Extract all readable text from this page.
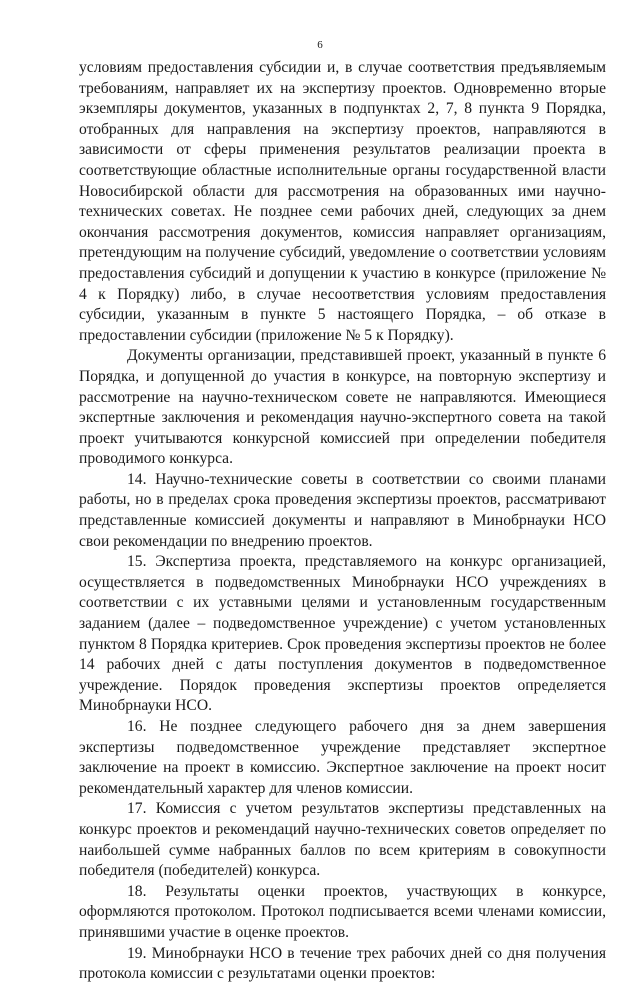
6

условиям предоставления субсидии и, в случае соответствия предъявляемым требованиям, направляет их на экспертизу проектов. Одновременно вторые экземпляры документов, указанных в подпунктах 2, 7, 8 пункта 9 Порядка, отобранных для направления на экспертизу проектов, направляются в зависимости от сферы применения результатов реализации проекта в соответствующие областные исполнительные органы государственной власти Новосибирской области для рассмотрения на образованных ими научно-технических советах. Не позднее семи рабочих дней, следующих за днем окончания рассмотрения документов, комиссия направляет организациям, претендующим на получение субсидий, уведомление о соответствии условиям предоставления субсидий и допущении к участию в конкурсе (приложение № 4 к Порядку) либо, в случае несоответствия условиям предоставления субсидии, указанным в пункте 5 настоящего Порядка, – об отказе в предоставлении субсидии (приложение № 5 к Порядку).

Документы организации, представившей проект, указанный в пункте 6 Порядка, и допущенной до участия в конкурсе, на повторную экспертизу и рассмотрение на научно-техническом совете не направляются. Имеющиеся экспертные заключения и рекомендация научно-экспертного совета на такой проект учитываются конкурсной комиссией при определении победителя проводимого конкурса.

14. Научно-технические советы в соответствии со своими планами работы, но в пределах срока проведения экспертизы проектов, рассматривают представленные комиссией документы и направляют в Минобрнауки НСО свои рекомендации по внедрению проектов.

15. Экспертиза проекта, представляемого на конкурс организацией, осуществляется в подведомственных Минобрнауки НСО учреждениях в соответствии с их уставными целями и установленным государственным заданием (далее – подведомственное учреждение) с учетом установленных пунктом 8 Порядка критериев. Срок проведения экспертизы проектов не более 14 рабочих дней с даты поступления документов в подведомственное учреждение. Порядок проведения экспертизы проектов определяется Минобрнауки НСО.

16. Не позднее следующего рабочего дня за днем завершения экспертизы подведомственное учреждение представляет экспертное заключение на проект в комиссию. Экспертное заключение на проект носит рекомендательный характер для членов комиссии.

17. Комиссия с учетом результатов экспертизы представленных на конкурс проектов и рекомендаций научно-технических советов определяет по наибольшей сумме набранных баллов по всем критериям в совокупности победителя (победителей) конкурса.

18. Результаты оценки проектов, участвующих в конкурсе, оформляются протоколом. Протокол подписывается всеми членами комиссии, принявшими участие в оценке проектов.

19. Минобрнауки НСО в течение трех рабочих дней со дня получения протокола комиссии с результатами оценки проектов:
